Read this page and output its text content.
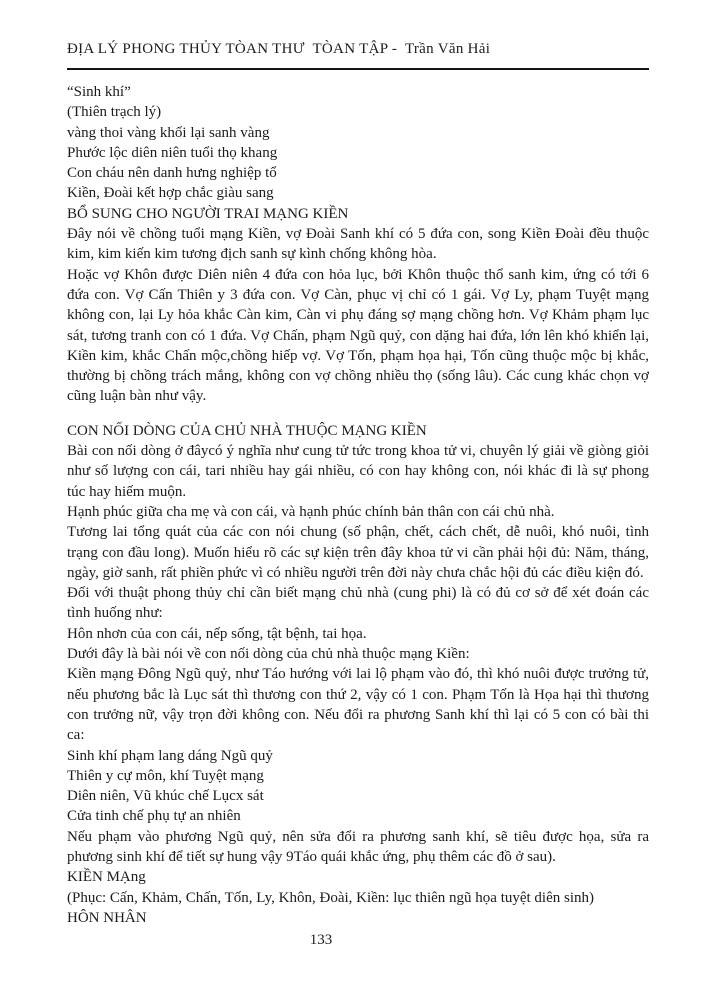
ĐỊA LÝ PHONG THỦY TÒAN THƯ  TÒAN TẬP -  Trần Văn Hải
“Sinh khí”
(Thiên trạch lý)
vàng thoi vàng khối lại sanh vàng
Phước lộc diên niên tuổi thọ khang
Con cháu nên danh hưng nghiệp tổ
Kiền, Đoài kết hợp chắc giàu sang
BỔ SUNG CHO NGƯỜI TRAI MẠNG KIỀN
Đây nói về chồng tuổi mạng Kiền, vợ Đoài Sanh khí có 5 đứa con, song Kiền Đoài đều thuộc kim, kim kiến kim tương địch sanh sự kình chống không hòa.
Hoặc vợ Khôn được Diên niên 4 đứa con hỏa lục, bởi Khôn thuộc thổ sanh kim, ứng có tới 6 đứa con. Vợ Cấn Thiên y 3 đứa con. Vợ Càn, phục vị chỉ có 1 gái. Vợ Ly, phạm Tuyệt mạng không con, lại Ly hỏa khắc Càn kim, Càn vi phụ đáng sợ mạng chồng hơn. Vợ Khảm phạm lục sát, tương tranh con có 1 đứa. Vợ Chấn, phạm Ngũ quỷ, con dặng hai đứa, lớn lên khó khiển lại, Kiền kim, khắc Chấn mộc,chồng hiếp vợ. Vợ Tốn, phạm họa hại, Tốn cũng thuộc mộc bị khắc, thường bị chồng trách mắng, không con vợ chồng nhiều thọ (sống lâu). Các cung khác chọn vợ cũng luận bàn như vậy.
CON NỐI DÒNG CỦA CHỦ NHÀ THUỘC MẠNG KIỀN
Bài con nối dòng ở đâycó ý nghĩa như cung tử tức trong khoa tử vi, chuyên lý giải về giòng giỏi như số lượng con cái, tari nhiều hay gái nhiều, có con hay không con, nói khác đi là sự phong túc hay hiếm muộn.
Hạnh phúc giữa cha mẹ và con cái, và hạnh phúc chính bản thân con cái chủ nhà.
Tương lai tổng quát của các con nói chung (số phận, chết, cách chết, dễ nuôi, khó nuôi, tình trạng con đầu long). Muốn hiểu rõ các sự kiện trên đây khoa tử vi cần phải hội đủ: Năm, tháng, ngày, giờ sanh, rất phiền phức vì có nhiều người trên đời này chưa chắc hội đủ các điều kiện đó.
Đối với thuật phong thủy chỉ cần biết mạng chủ nhà (cung phi) là có đủ cơ sở để xét đoán các tình huống như:
Hôn nhơn của con cái, nếp sống, tật bệnh, tai họa.
Dưới đây là bài nói về con nối dòng của chủ nhà thuộc mạng Kiền:
Kiền mạng Đông Ngũ quỷ, như Táo hướng với lai lộ phạm vào đó, thì khó nuôi được trưởng tử, nếu phương bắc là Lục sát thì thương con thứ 2, vậy có 1 con. Phạm Tốn là Họa hại thì thương con trưởng nữ, vậy trọn đời không con. Nếu đổi ra phương Sanh khí thì lại có 5 con có bài thi ca:
Sinh khí phạm lang dáng Ngũ quỷ
Thiên y cự môn, khí Tuyệt mạng
Diên niên, Vũ khúc chế Lụcx sát
Cửa tinh chế phụ tự an nhiên
Nếu phạm vào phương Ngũ quỷ, nên sửa đổi ra phương sanh khí, sẽ tiêu được họa, sửa ra phương sinh khí để tiết sự hung vậy 9Táo quái khắc ứng, phụ thêm các đồ ở sau).
KIỀN MẠng
(Phục: Cấn, Khảm, Chấn, Tốn, Ly, Khôn, Đoài, Kiền: lục thiên ngũ họa tuyệt diên sinh)
HÔN NHÂN
133
